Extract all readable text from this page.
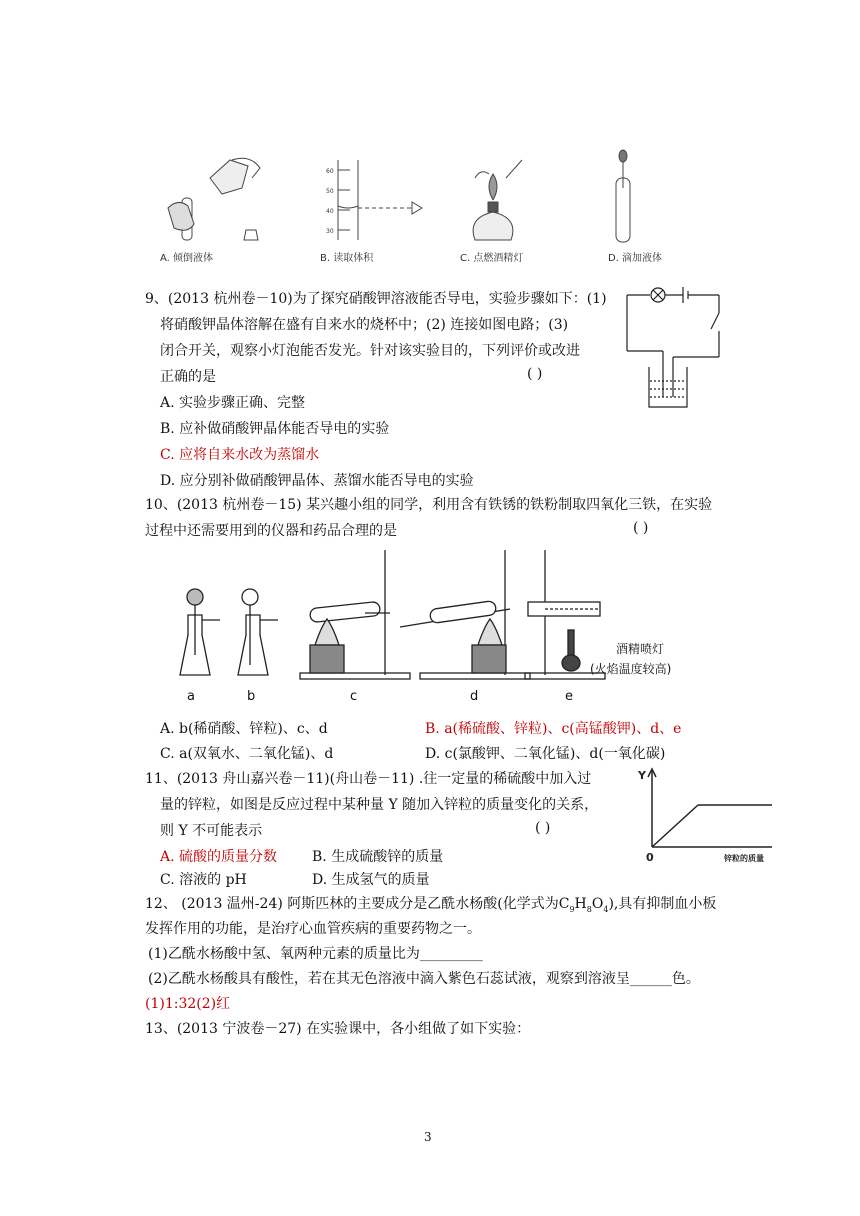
60
50
40
30
A. 倾倒液体	B. 读取体积	C. 点燃酒精灯	D. 滴加液体
9、(2013 杭州卷－10)为了探究硝酸钾溶液能否导电，实验步骤如下：(1)
将硝酸钾晶体溶解在盛有自来水的烧杯中；(2) 连接如图电路；(3)
闭合开关，观察小灯泡能否发光。针对该实验目的，下列评价或改进
正确的是	( )
A. 实验步骤正确、完整
B. 应补做硝酸钾晶体能否导电的实验
C. 应将自来水改为蒸馏水
D. 应分别补做硝酸钾晶体、蒸馏水能否导电的实验
10、(2013 杭州卷－15) 某兴趣小组的同学，利用含有铁锈的铁粉制取四氧化三铁，在实验
过程中还需要用到的仪器和药品合理的是	( )
a	b	c	d	e
酒精喷灯
(火焰温度较高)
A. b(稀硝酸、锌粒)、c、d	B. a(稀硫酸、锌粒)、c(高锰酸钾)、d、e
C. a(双氧水、二氧化锰)、d	D. c(氯酸钾、二氧化锰)、d(一氧化碳)
11、(2013 舟山嘉兴卷－11)(舟山卷－11) .往一定量的稀硫酸中加入过
量的锌粒，如图是反应过程中某种量 Y 随加入锌粒的质量变化的关系，
则 Y 不可能表示	( )
A. 硫酸的质量分数 B. 生成硫酸锌的质量
C. 溶液的 pH	D. 生成氢气的质量
Y
0	锌粒的质量
12、 (2013 温州-24) 阿斯匹林的主要成分是乙酰水杨酸(化学式为$C_9H_8O_4$),具有抑制血小板
发挥作用的功能，是治疗心血管疾病的重要药物之一。
(1)乙酰水杨酸中氢、氧两种元素的质量比为_________
(2)乙酰水杨酸具有酸性，若在其无色溶液中滴入紫色石蕊试液，观察到溶液呈______色。
(1)1:32(2)红
13、(2013 宁波卷－27) 在实验课中，各小组做了如下实验：
3
